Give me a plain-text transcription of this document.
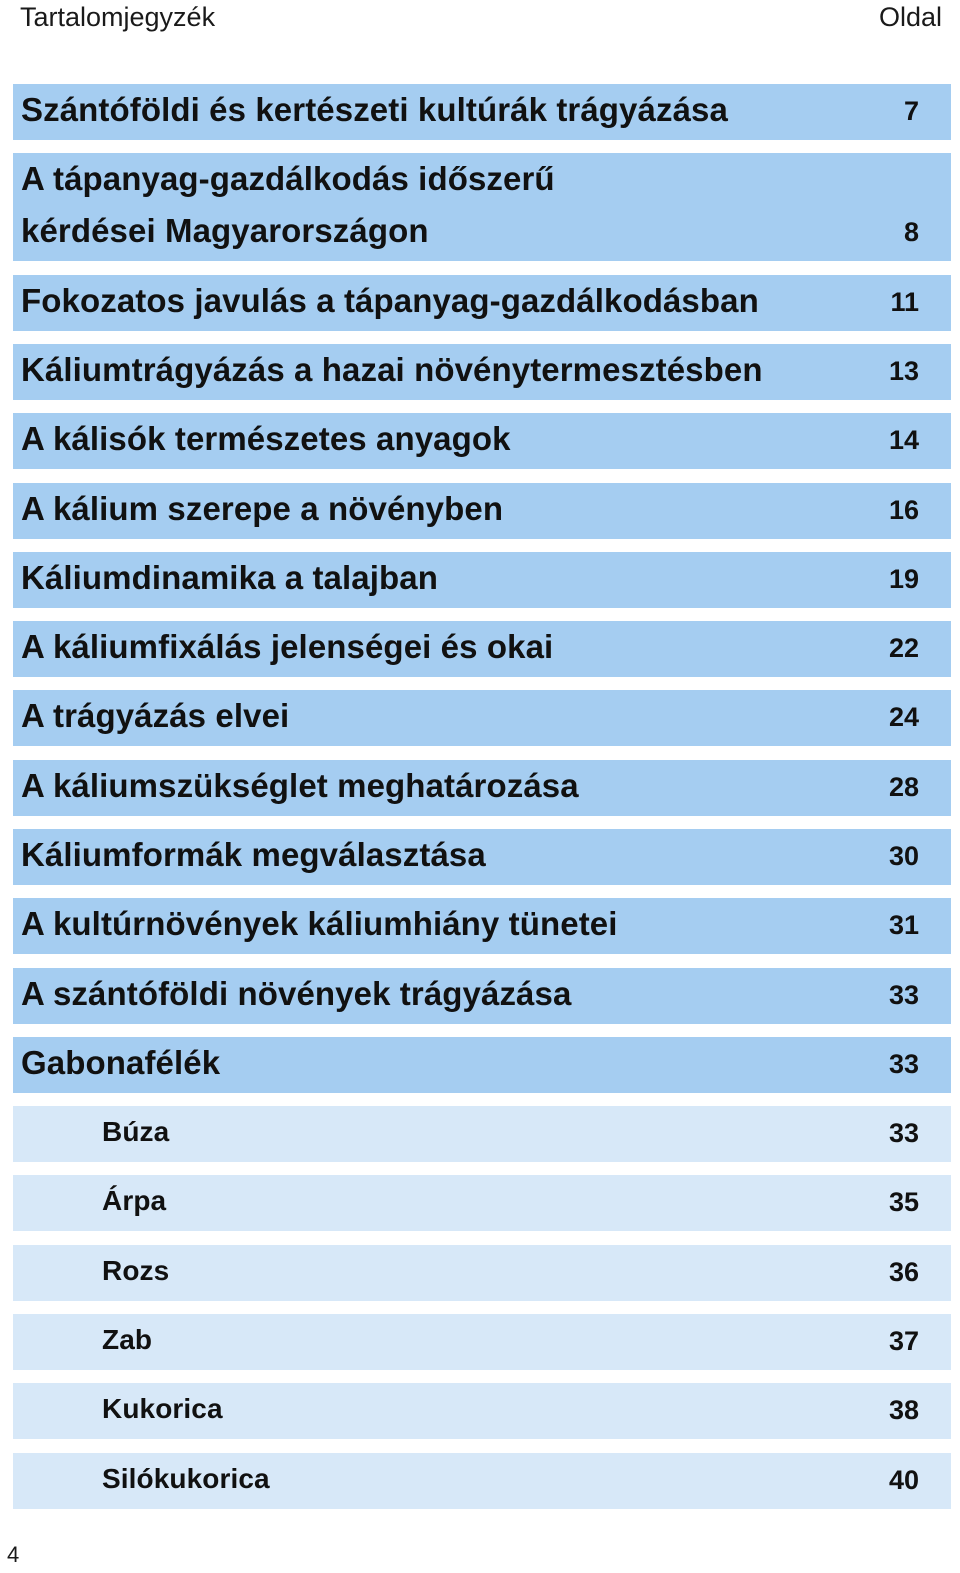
Tartalomjegyzék	Oldal
Szántóföldi és kertészeti kultúrák trágyázása	7
A tápanyag-gazdálkodás időszerű
kérdései Magyarországon	8
Fokozatos javulás a tápanyag-gazdálkodásban	11
Káliumtrágyázás a hazai növénytermesztésben	13
A kálisók természetes anyagok	14
A kálium szerepe a növényben	16
Káliumdinamika a talajban	19
A káliumfixálás jelenségei és okai	22
A trágyázás elvei	24
A káliumszükséglet meghatározása	28
Káliumformák megválasztása	30
A kultúrnövények káliumhiány tünetei	31
A szántóföldi növények trágyázása	33
Gabonafélék	33
Búza	33
Árpa	35
Rozs	36
Zab	37
Kukorica	38
Silókukorica	40
4
